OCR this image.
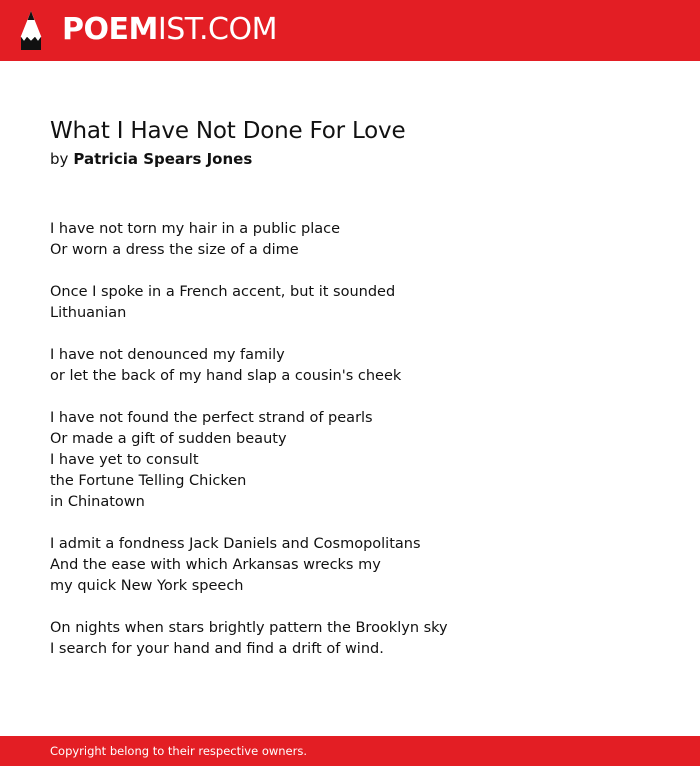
POEMIST.COM
What I Have Not Done For Love
by Patricia Spears Jones
I have not torn my hair in a public place
Or worn a dress the size of a dime
Once I spoke in a French accent, but it sounded
Lithuanian
I have not denounced my family
or let the back of my hand slap a cousin's cheek
I have not found the perfect strand of pearls
Or made a gift of sudden beauty
I have yet to consult
the Fortune Telling Chicken
in Chinatown
I admit a fondness Jack Daniels and Cosmopolitans
And the ease with which Arkansas wrecks my
my quick New York speech
On nights when stars brightly pattern the Brooklyn sky
I search for your hand and find a drift of wind.
Copyright belong to their respective owners.
